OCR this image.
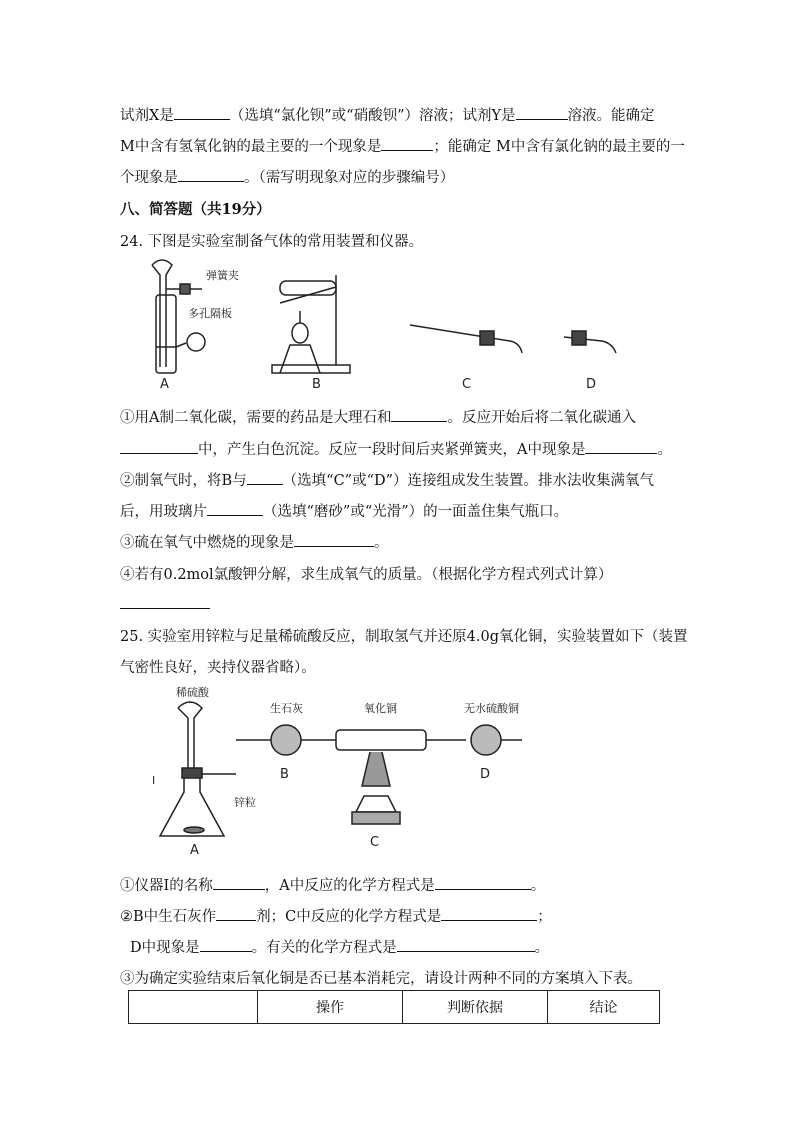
试剂X是	（选填“氯化钡”或“硝酸钡”）溶液；试剂Y是	溶液。能确定
M中含有氢氧化钠的最主要的一个现象是	；能确定 M中含有氯化钠的最主要的一
个现象是	。（需写明现象对应的步骤编号）
八、简答题（共19分）
24. 下图是实验室制备气体的常用装置和仪器。
弹簧夹
多孔隔板
A	B	C	D
①用A制二氧化碳，需要的药品是大理石和	。反应开始后将二氧化碳通入
中，产生白色沉淀。反应一段时间后夹紧弹簧夹，A中现象是	。
②制氧气时，将B与 （选填“C”或“D”）连接组成发生装置。排水法收集满氧气
后，用玻璃片	（选填“磨砂”或“光滑”）的一面盖住集气瓶口。
③硫在氧气中燃烧的现象是	。
④若有0.2mol氯酸钾分解，求生成氧气的质量。（根据化学方程式列式计算）
25. 实验室用锌粒与足量稀硫酸反应，制取氢气并还原4.0g氧化铜，实验装置如下（装置
气密性良好，夹持仪器省略）。
稀硫酸
锌粒
Ⅰ
A
生石灰
B
氧化铜
C
无水硫酸铜
D
①仪器Ⅰ的名称	，A中反应的化学方程式是	。
②B中生石灰作	剂；C中反应的化学方程式是	；
D中现象是	。有关的化学方程式是	。
③为确定实验结束后氧化铜是否已基本消耗完，请设计两种不同的方案填入下表。
	操作	判断依据	结论
